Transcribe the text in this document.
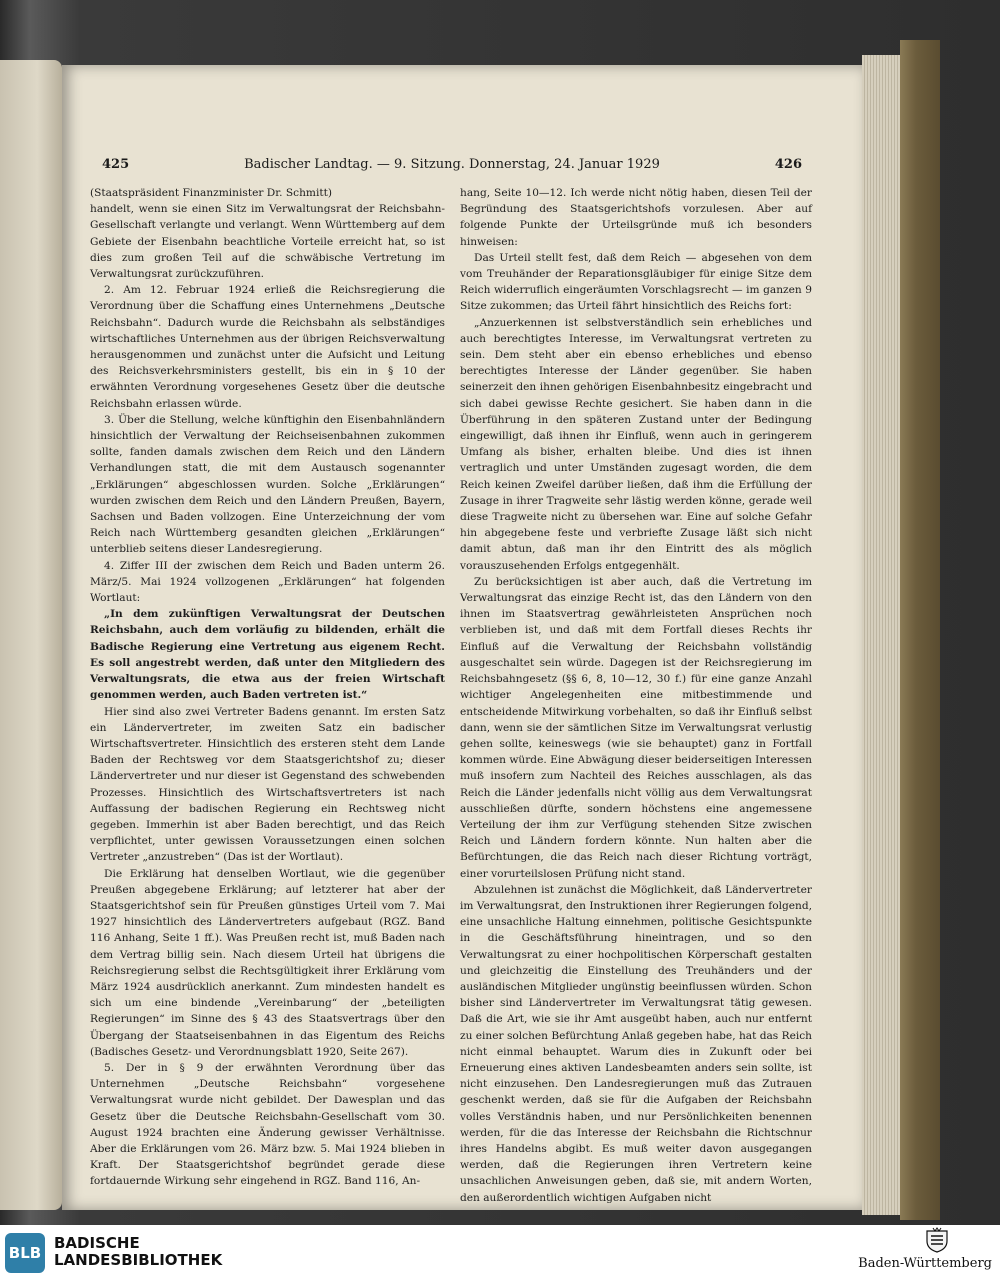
425	Badischer Landtag. — 9. Sitzung. Donnerstag, 24. Januar 1929	426

(Staatspräsident Finanzminister Dr. Schmitt)

handelt, wenn sie einen Sitz im Verwaltungsrat der Reichsbahn-Gesellschaft verlangte und verlangt. Wenn Württemberg auf dem Gebiete der Eisenbahn beachtliche Vorteile erreicht hat, so ist dies zum großen Teil auf die schwäbische Vertretung im Verwaltungsrat zurückzuführen.

2. Am 12. Februar 1924 erließ die Reichsregierung die Verordnung über die Schaffung eines Unternehmens „Deutsche Reichsbahn“. Dadurch wurde die Reichsbahn als selbständiges wirtschaftliches Unternehmen aus der übrigen Reichsverwaltung herausgenommen und zunächst unter die Aufsicht und Leitung des Reichsverkehrsministers gestellt, bis ein in § 10 der erwähnten Verordnung vorgesehenes Gesetz über die deutsche Reichsbahn erlassen würde.

3. Über die Stellung, welche künftighin den Eisenbahnländern hinsichtlich der Verwaltung der Reichseisenbahnen zukommen sollte, fanden damals zwischen dem Reich und den Ländern Verhandlungen statt, die mit dem Austausch sogenannter „Erklärungen“ abgeschlossen wurden. Solche „Erklärungen“ wurden zwischen dem Reich und den Ländern Preußen, Bayern, Sachsen und Baden vollzogen. Eine Unterzeichnung der vom Reich nach Württemberg gesandten gleichen „Erklärungen“ unterblieb seitens dieser Landesregierung.

4. Ziffer III der zwischen dem Reich und Baden unterm 26. März/5. Mai 1924 vollzogenen „Erklärungen“ hat folgenden Wortlaut:

„In dem zukünftigen Verwaltungsrat der Deutschen Reichsbahn, auch dem vorläufig zu bildenden, erhält die Badische Regierung eine Vertretung aus eigenem Recht. Es soll angestrebt werden, daß unter den Mitgliedern des Verwaltungsrats, die etwa aus der freien Wirtschaft genommen werden, auch Baden vertreten ist.“

Hier sind also zwei Vertreter Badens genannt. Im ersten Satz ein Ländervertreter, im zweiten Satz ein badischer Wirtschaftsvertreter. Hinsichtlich des ersteren steht dem Lande Baden der Rechtsweg vor dem Staatsgerichtshof zu; dieser Ländervertreter und nur dieser ist Gegenstand des schwebenden Prozesses. Hinsichtlich des Wirtschaftsvertreters ist nach Auffassung der badischen Regierung ein Rechtsweg nicht gegeben. Immerhin ist aber Baden berechtigt, und das Reich verpflichtet, unter gewissen Voraussetzungen einen solchen Vertreter „anzustreben“ (Das ist der Wortlaut).

Die Erklärung hat denselben Wortlaut, wie die gegenüber Preußen abgegebene Erklärung; auf letzterer hat aber der Staatsgerichtshof sein für Preußen günstiges Urteil vom 7. Mai 1927 hinsichtlich des Ländervertreters aufgebaut (RGZ. Band 116 Anhang, Seite 1 ff.). Was Preußen recht ist, muß Baden nach dem Vertrag billig sein. Nach diesem Urteil hat übrigens die Reichsregierung selbst die Rechtsgültigkeit ihrer Erklärung vom März 1924 ausdrücklich anerkannt. Zum mindesten handelt es sich um eine bindende „Vereinbarung“ der „beteiligten Regierungen“ im Sinne des § 43 des Staatsvertrags über den Übergang der Staatseisenbahnen in das Eigentum des Reichs (Badisches Gesetz- und Verordnungsblatt 1920, Seite 267).

5. Der in § 9 der erwähnten Verordnung über das Unternehmen „Deutsche Reichsbahn“ vorgesehene Verwaltungsrat wurde nicht gebildet. Der Dawesplan und das Gesetz über die Deutsche Reichsbahn-Gesellschaft vom 30. August 1924 brachten eine Änderung gewisser Verhältnisse. Aber die Erklärungen vom 26. März bzw. 5. Mai 1924 blieben in Kraft. Der Staatsgerichtshof begründet gerade diese fortdauernde Wirkung sehr eingehend in RGZ. Band 116, An-

hang, Seite 10—12. Ich werde nicht nötig haben, diesen Teil der Begründung des Staatsgerichtshofs vorzulesen. Aber auf folgende Punkte der Urteilsgründe muß ich besonders hinweisen:

Das Urteil stellt fest, daß dem Reich — abgesehen von dem vom Treuhänder der Reparationsgläubiger für einige Sitze dem Reich widerruflich eingeräumten Vorschlagsrecht — im ganzen 9 Sitze zukommen; das Urteil fährt hinsichtlich des Reichs fort:

„Anzuerkennen ist selbstverständlich sein erhebliches und auch berechtigtes Interesse, im Verwaltungsrat vertreten zu sein. Dem steht aber ein ebenso erhebliches und ebenso berechtigtes Interesse der Länder gegenüber. Sie haben seinerzeit den ihnen gehörigen Eisenbahnbesitz eingebracht und sich dabei gewisse Rechte gesichert. Sie haben dann in die Überführung in den späteren Zustand unter der Bedingung eingewilligt, daß ihnen ihr Einfluß, wenn auch in geringerem Umfang als bisher, erhalten bleibe. Und dies ist ihnen vertraglich und unter Umständen zugesagt worden, die dem Reich keinen Zweifel darüber ließen, daß ihm die Erfüllung der Zusage in ihrer Tragweite sehr lästig werden könne, gerade weil diese Tragweite nicht zu übersehen war. Eine auf solche Gefahr hin abgegebene feste und verbriefte Zusage läßt sich nicht damit abtun, daß man ihr den Eintritt des als möglich vorauszusehenden Erfolgs entgegenhält.

Zu berücksichtigen ist aber auch, daß die Vertretung im Verwaltungsrat das einzige Recht ist, das den Ländern von den ihnen im Staatsvertrag gewährleisteten Ansprüchen noch verblieben ist, und daß mit dem Fortfall dieses Rechts ihr Einfluß auf die Verwaltung der Reichsbahn vollständig ausgeschaltet sein würde. Dagegen ist der Reichsregierung im Reichsbahngesetz (§§ 6, 8, 10—12, 30 f.) für eine ganze Anzahl wichtiger Angelegenheiten eine mitbestimmende und entscheidende Mitwirkung vorbehalten, so daß ihr Einfluß selbst dann, wenn sie der sämtlichen Sitze im Verwaltungsrat verlustig gehen sollte, keineswegs (wie sie behauptet) ganz in Fortfall kommen würde. Eine Abwägung dieser beiderseitigen Interessen muß insofern zum Nachteil des Reiches ausschlagen, als das Reich die Länder jedenfalls nicht völlig aus dem Verwaltungsrat ausschließen dürfte, sondern höchstens eine angemessene Verteilung der ihm zur Verfügung stehenden Sitze zwischen Reich und Ländern fordern könnte. Nun halten aber die Befürchtungen, die das Reich nach dieser Richtung vorträgt, einer vorurteilslosen Prüfung nicht stand.

Abzulehnen ist zunächst die Möglichkeit, daß Ländervertreter im Verwaltungsrat, den Instruktionen ihrer Regierungen folgend, eine unsachliche Haltung einnehmen, politische Gesichtspunkte in die Geschäftsführung hineintragen, und so den Verwaltungsrat zu einer hochpolitischen Körperschaft gestalten und gleichzeitig die Einstellung des Treuhänders und der ausländischen Mitglieder ungünstig beeinflussen würden. Schon bisher sind Ländervertreter im Verwaltungsrat tätig gewesen. Daß die Art, wie sie ihr Amt ausgeübt haben, auch nur entfernt zu einer solchen Befürchtung Anlaß gegeben habe, hat das Reich nicht einmal behauptet. Warum dies in Zukunft oder bei Erneuerung eines aktiven Landesbeamten anders sein sollte, ist nicht einzusehen. Den Landesregierungen muß das Zutrauen geschenkt werden, daß sie für die Aufgaben der Reichsbahn volles Verständnis haben, und nur Persönlichkeiten benennen werden, für die das Interesse der Reichsbahn die Richtschnur ihres Handelns abgibt. Es muß weiter davon ausgegangen werden, daß die Regierungen ihren Vertretern keine unsachlichen Anweisungen geben, daß sie, mit andern Worten, den außerordentlich wichtigen Aufgaben nicht

BLB
BADISCHE
LANDESBIBLIOTHEK	Baden-Württemberg
